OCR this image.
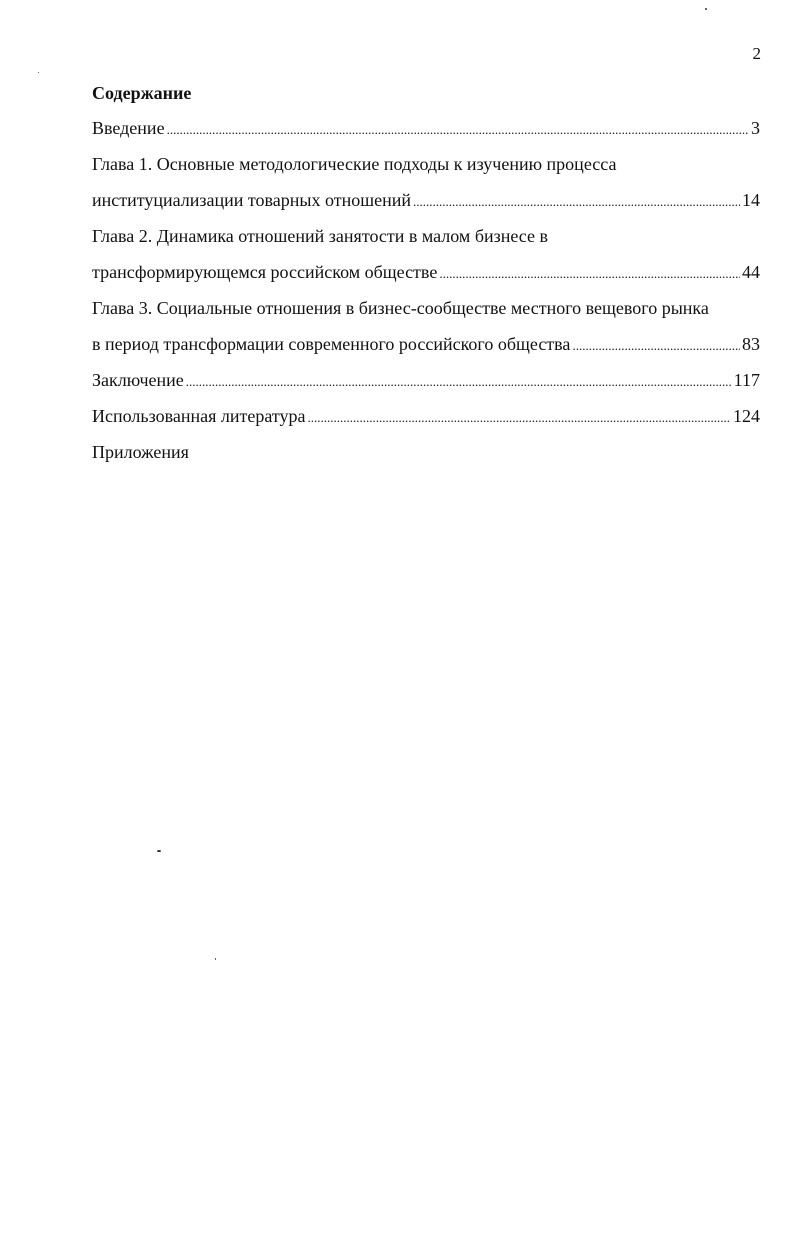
2
Содержание
Введение .....	3
Глава 1. Основные методологические подходы к изучению процесса
институциализации товарных отношений .....	14
Глава 2. Динамика отношений занятости в малом бизнесе в
трансформирующемся российском обществе .....	44
Глава 3. Социальные отношения в бизнес-сообществе местного вещевого рынка
в период трансформации современного российского общества .....	83
Заключение .....	117
Использованная литература .....	124
Приложения
